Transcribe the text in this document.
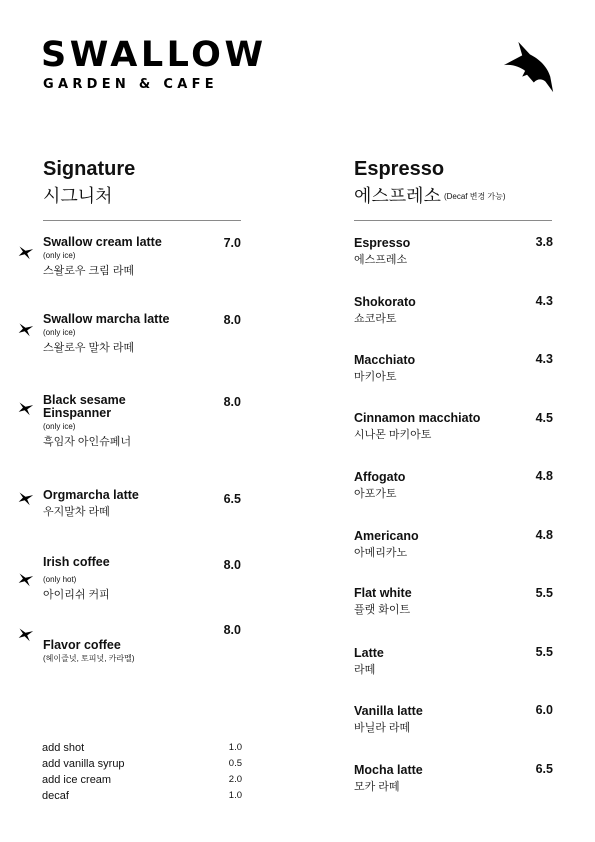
SWALLOW
GARDEN & CAFE
Signature
시그니처
Swallow cream latte
(only ice)
스왈로우 크림 라떼
7.0
Swallow marcha latte
(only ice)
스왈로우 말차 라떼
8.0
Black sesame
Einspanner
(only ice)
흑임자 아인슈페너
8.0
Orgmarcha latte
우지말차 라떼
6.5
Irish coffee
(only hot)
아이리쉬 커피
8.0
Flavor coffee
(헤이즐넛, 토피넛, 카라멜)
8.0
add shot	1.0
add vanilla syrup	0.5
add ice cream	2.0
decaf	1.0
Espresso
에스프레소 (Decaf 변경 가능)
Espresso
에스프레소
3.8
Shokorato
쇼코라토
4.3
Macchiato
마키아토
4.3
Cinnamon macchiato
시나몬 마키아토
4.5
Affogato
아포가토
4.8
Americano
아메리카노
4.8
Flat white
플랫 화이트
5.5
Latte
라떼
5.5
Vanilla latte
바닐라 라떼
6.0
Mocha latte
모카 라떼
6.5
